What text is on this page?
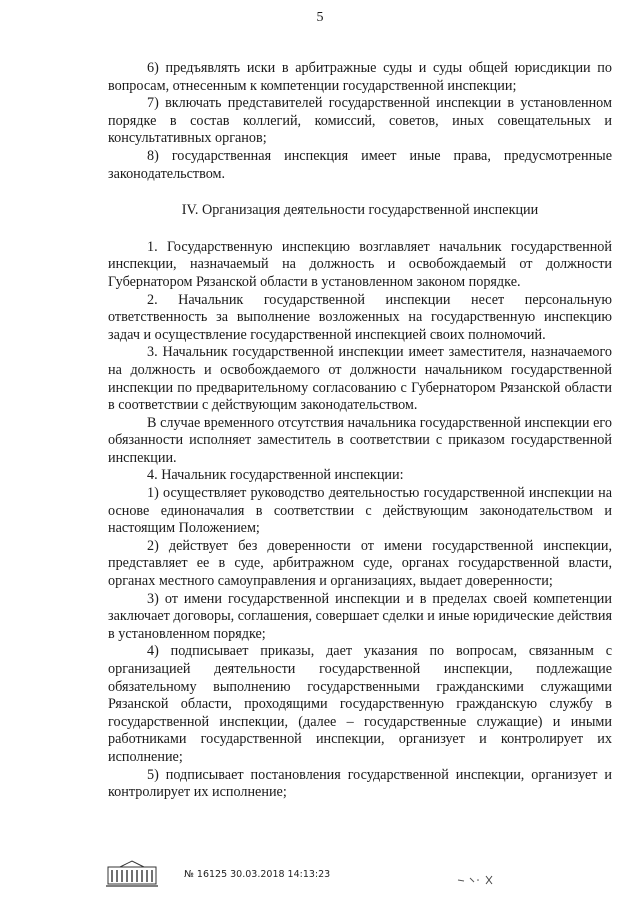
5

6) предъявлять иски в арбитражные суды и суды общей юрисдикции по вопросам, отнесенным к компетенции государственной инспекции;

7) включать представителей государственной инспекции в установленном порядке в состав коллегий, комиссий, советов, иных совещательных и консультативных органов;

8) государственная инспекция имеет иные права, предусмотренные законодательством.

IV. Организация деятельности государственной инспекции

1. Государственную инспекцию возглавляет начальник государственной инспекции, назначаемый на должность и освобождаемый от должности Губернатором Рязанской области в установленном законом порядке.

2. Начальник государственной инспекции несет персональную ответственность за выполнение возложенных на государственную инспекцию задач и осуществление государственной инспекцией своих полномочий.

3. Начальник государственной инспекции имеет заместителя, назначаемого на должность и освобождаемого от должности начальником государственной инспекции по предварительному согласованию с Губернатором Рязанской области в соответствии с действующим законодательством.

В случае временного отсутствия начальника государственной инспекции его обязанности исполняет заместитель в соответствии с приказом государственной инспекции.

4. Начальник государственной инспекции:

1) осуществляет руководство деятельностью государственной инспекции на основе единоначалия в соответствии с действующим законодательством и настоящим Положением;

2) действует без доверенности от имени государственной инспекции, представляет ее в суде, арбитражном суде, органах государственной власти, органах местного самоуправления и организациях, выдает доверенности;

3) от имени государственной инспекции и в пределах своей компетенции заключает договоры, соглашения, совершает сделки и иные юридические действия в установленном порядке;

4) подписывает приказы, дает указания по вопросам, связанным с организацией деятельности государственной инспекции, подлежащие обязательному выполнению государственными гражданскими служащими Рязанской области, проходящими государственную гражданскую службу в государственной инспекции, (далее – государственные служащие) и иными работниками государственной инспекции, организует и контролирует их исполнение;

5) подписывает постановления государственной инспекции, организует и контролирует их исполнение;

№ 16125 30.03.2018 14:13:23
